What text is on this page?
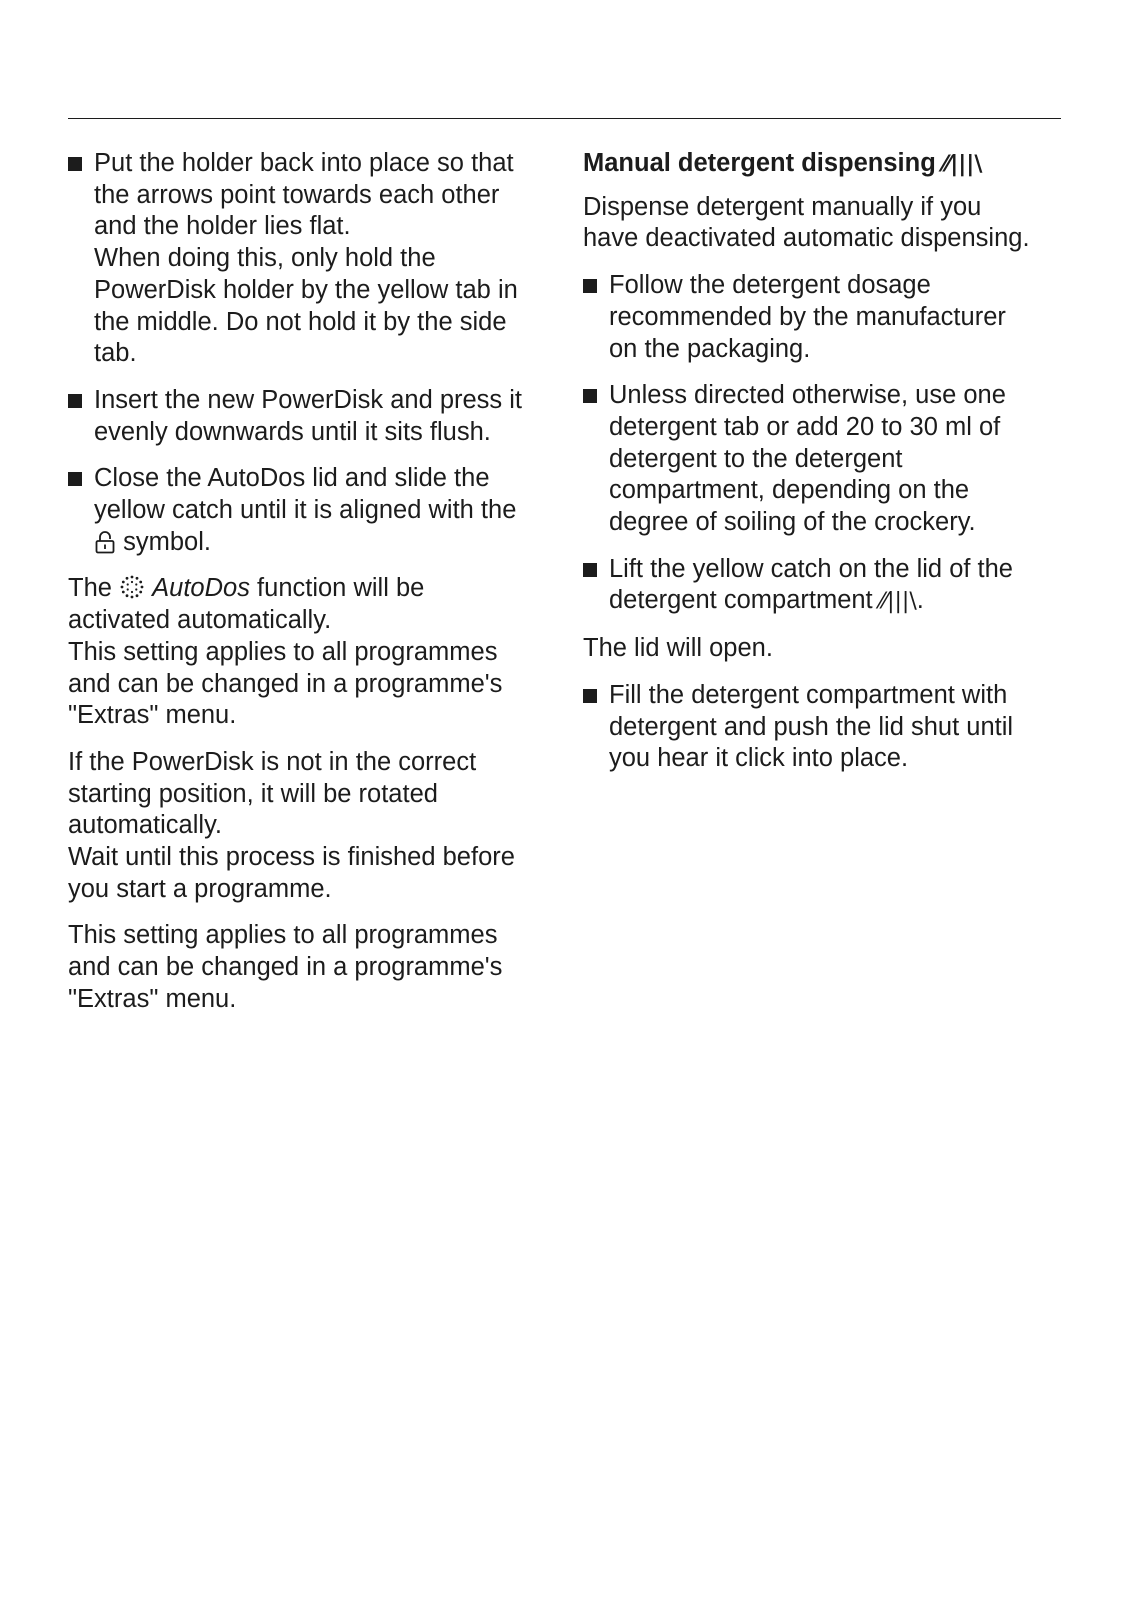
Put the holder back into place so that
the arrows point towards each other
and the holder lies flat.
When doing this, only hold the
PowerDisk holder by the yellow tab in
the middle. Do not hold it by the side
tab.
Insert the new PowerDisk and press it
evenly downwards until it sits flush.
Close the AutoDos lid and slide the
yellow catch until it is aligned with the
symbol.
The AutoDos function will be
activated automatically.
This setting applies to all programmes
and can be changed in a programme's
"Extras" menu.
If the PowerDisk is not in the correct
starting position, it will be rotated
automatically.
Wait until this process is finished before
you start a programme.
This setting applies to all programmes
and can be changed in a programme's
"Extras" menu.
Manual detergent dispensing ⁄⁄|||\
Dispense detergent manually if you
have deactivated automatic dispensing.
Follow the detergent dosage
recommended by the manufacturer
on the packaging.
Unless directed otherwise, use one
detergent tab or add 20 to 30 ml of
detergent to the detergent
compartment, depending on the
degree of soiling of the crockery.
Lift the yellow catch on the lid of the
detergent compartment ⁄⁄|||\.
The lid will open.
Fill the detergent compartment with
detergent and push the lid shut until
you hear it click into place.
